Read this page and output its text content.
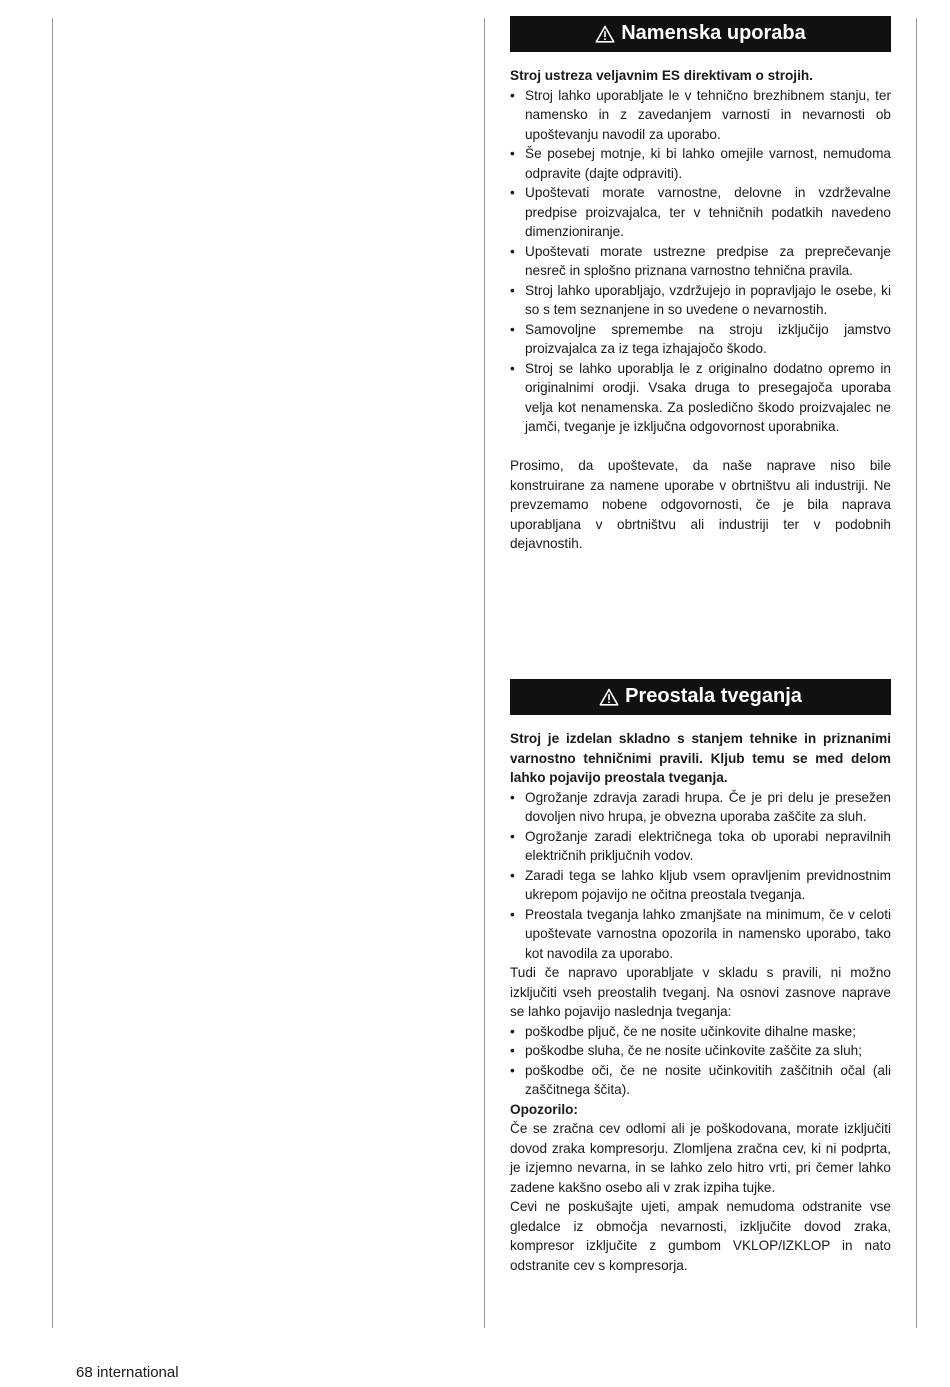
Namenska uporaba

Stroj ustreza veljavnim ES direktivam o strojih.

• Stroj lahko uporabljate le v tehnično brezhibnem stanju, ter namensko in z zavedanjem varnosti in nevarnosti ob upoštevanju navodil za uporabo.
• Še posebej motnje, ki bi lahko omejile varnost, nemudoma odpravite (dajte odpraviti).
• Upoštevati morate varnostne, delovne in vzdrževalne predpise proizvajalca, ter v tehničnih podatkih navedeno dimenzioniranje.
• Upoštevati morate ustrezne predpise za preprečevanje nesreč in splošno priznana varnostno tehnična pravila.
• Stroj lahko uporabljajo, vzdržujejo in popravljajo le osebe, ki so s tem seznanjene in so uvedene o nevarnostih.
• Samovoljne spremembe na stroju izključijo jamstvo proizvajalca za iz tega izhajajočo škodo.
• Stroj se lahko uporablja le z originalno dodatno opremo in originalnimi orodji. Vsaka druga to presegajoča uporaba velja kot nenamenska. Za posledično škodo proizvajalec ne jamči, tveganje je izključna odgovornost uporabnika.

Prosimo, da upoštevate, da naše naprave niso bile konstruirane za namene uporabe v obrtništvu ali industriji. Ne prevzemamo nobene odgovornosti, če je bila naprava uporabljana v obrtništvu ali industriji ter v podobnih dejavnostih.

Preostala tveganja

Stroj je izdelan skladno s stanjem tehnike in priznanimi varnostno tehničnimi pravili. Kljub temu se med delom lahko pojavijo preostala tveganja.

• Ogrožanje zdravja zaradi hrupa. Če je pri delu je presežen dovoljen nivo hrupa, je obvezna uporaba zaščite za sluh.
• Ogrožanje zaradi električnega toka ob uporabi nepravilnih električnih priključnih vodov.
• Zaradi tega se lahko kljub vsem opravljenim previdnostnim ukrepom pojavijo ne očitna preostala tveganja.
• Preostala tveganja lahko zmanjšate na minimum, če v celoti upoštevate varnostna opozorila in namensko uporabo, tako kot navodila za uporabo.

Tudi če napravo uporabljate v skladu s pravili, ni možno izključiti vseh preostalih tveganj. Na osnovi zasnove naprave se lahko pojavijo naslednja tveganja:

• poškodbe pljuč, če ne nosite učinkovite dihalne maske;
• poškodbe sluha, če ne nosite učinkovite zaščite za sluh;
• poškodbe oči, če ne nosite učinkovitih zaščitnih očal (ali zaščitnega ščita).

Opozorilo:

Če se zračna cev odlomi ali je poškodovana, morate izključiti dovod zraka kompresorju. Zlomljena zračna cev, ki ni podprta, je izjemno nevarna, in se lahko zelo hitro vrti, pri čemer lahko zadene kakšno osebo ali v zrak izpiha tujke.

Cevi ne poskušajte ujeti, ampak nemudoma odstranite vse gledalce iz območja nevarnosti, izključite dovod zraka, kompresor izključite z gumbom VKLOP/IZKLOP in nato odstranite cev s kompresorja.

68 international
